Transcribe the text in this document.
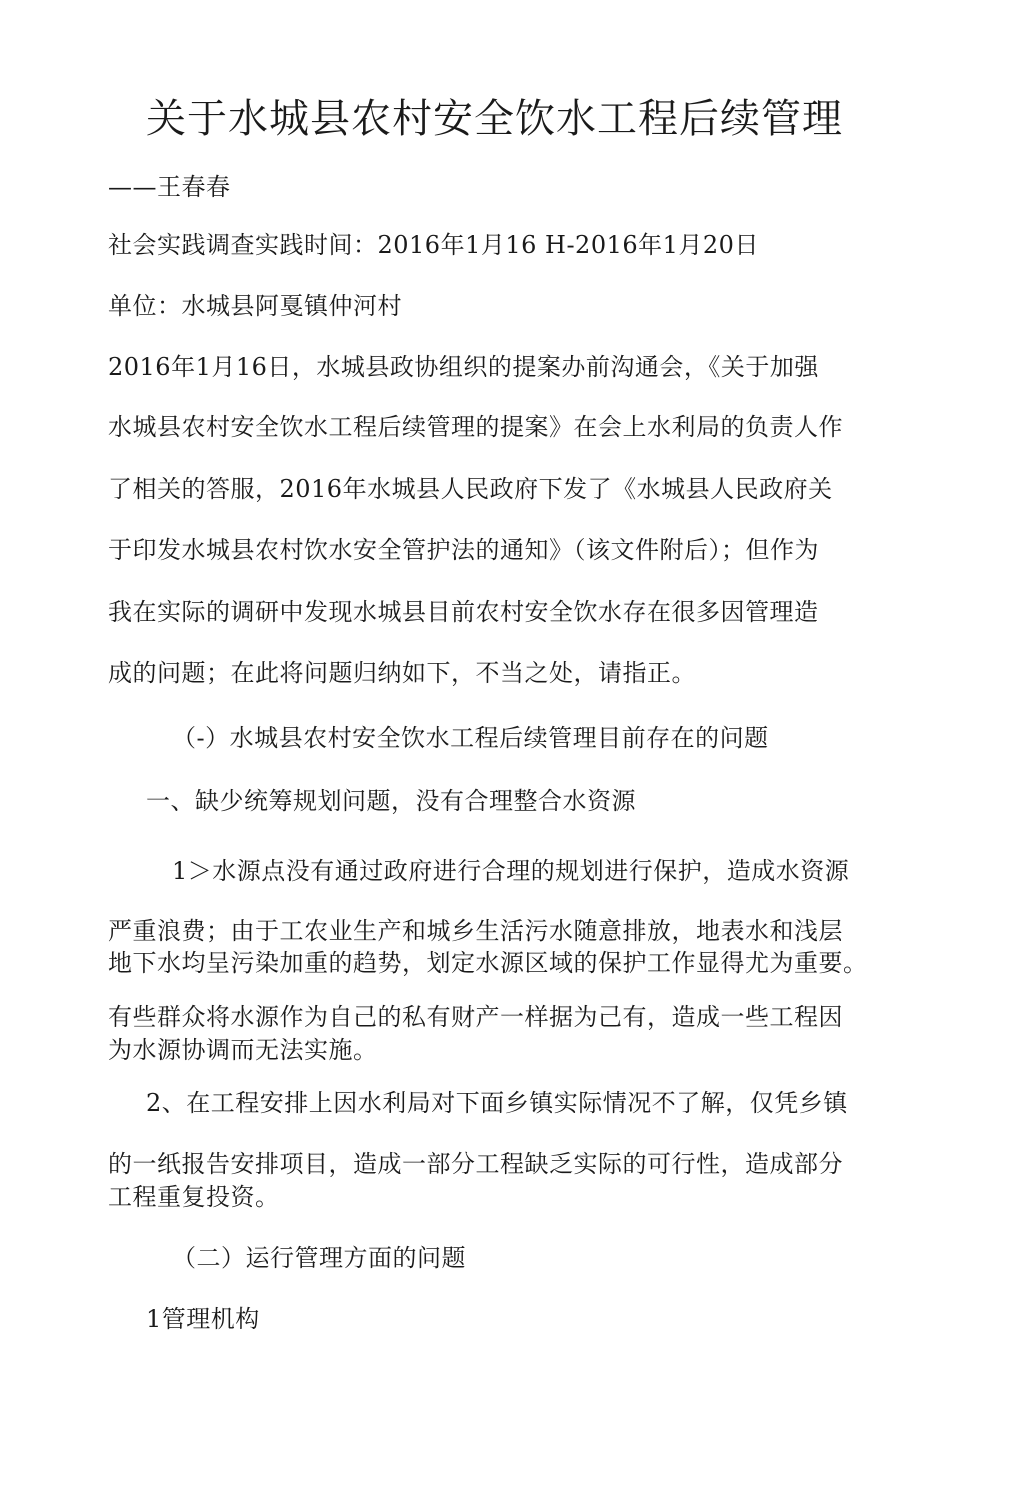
关于水城县农村安全饮水工程后续管理
——王春春
社会实践调查实践时间：2016年1月16 H-2016年1月20日
单位：水城县阿戛镇仲河村
2016年1月16日，水城县政协组织的提案办前沟通会，《关于加强
水城县农村安全饮水工程后续管理的提案》在会上水利局的负责人作
了相关的答服，2016年水城县人民政府下发了《水城县人民政府关
于印发水城县农村饮水安全管护法的通知》（该文件附后）；但作为
我在实际的调研中发现水城县目前农村安全饮水存在很多因管理造
成的问题；在此将问题归纳如下，不当之处，请指正。
（-）水城县农村安全饮水工程后续管理目前存在的问题
一、缺少统筹规划问题，没有合理整合水资源
1＞水源点没有通过政府进行合理的规划进行保护，造成水资源
严重浪费；由于工农业生产和城乡生活污水随意排放，地表水和浅层
地下水均呈污染加重的趋势，划定水源区域的保护工作显得尤为重要。
有些群众将水源作为自己的私有财产一样据为己有，造成一些工程因
为水源协调而无法实施。
2、在工程安排上因水利局对下面乡镇实际情况不了解，仅凭乡镇
的一纸报告安排项目，造成一部分工程缺乏实际的可行性，造成部分
工程重复投资。
（二）运行管理方面的问题
1管理机构
